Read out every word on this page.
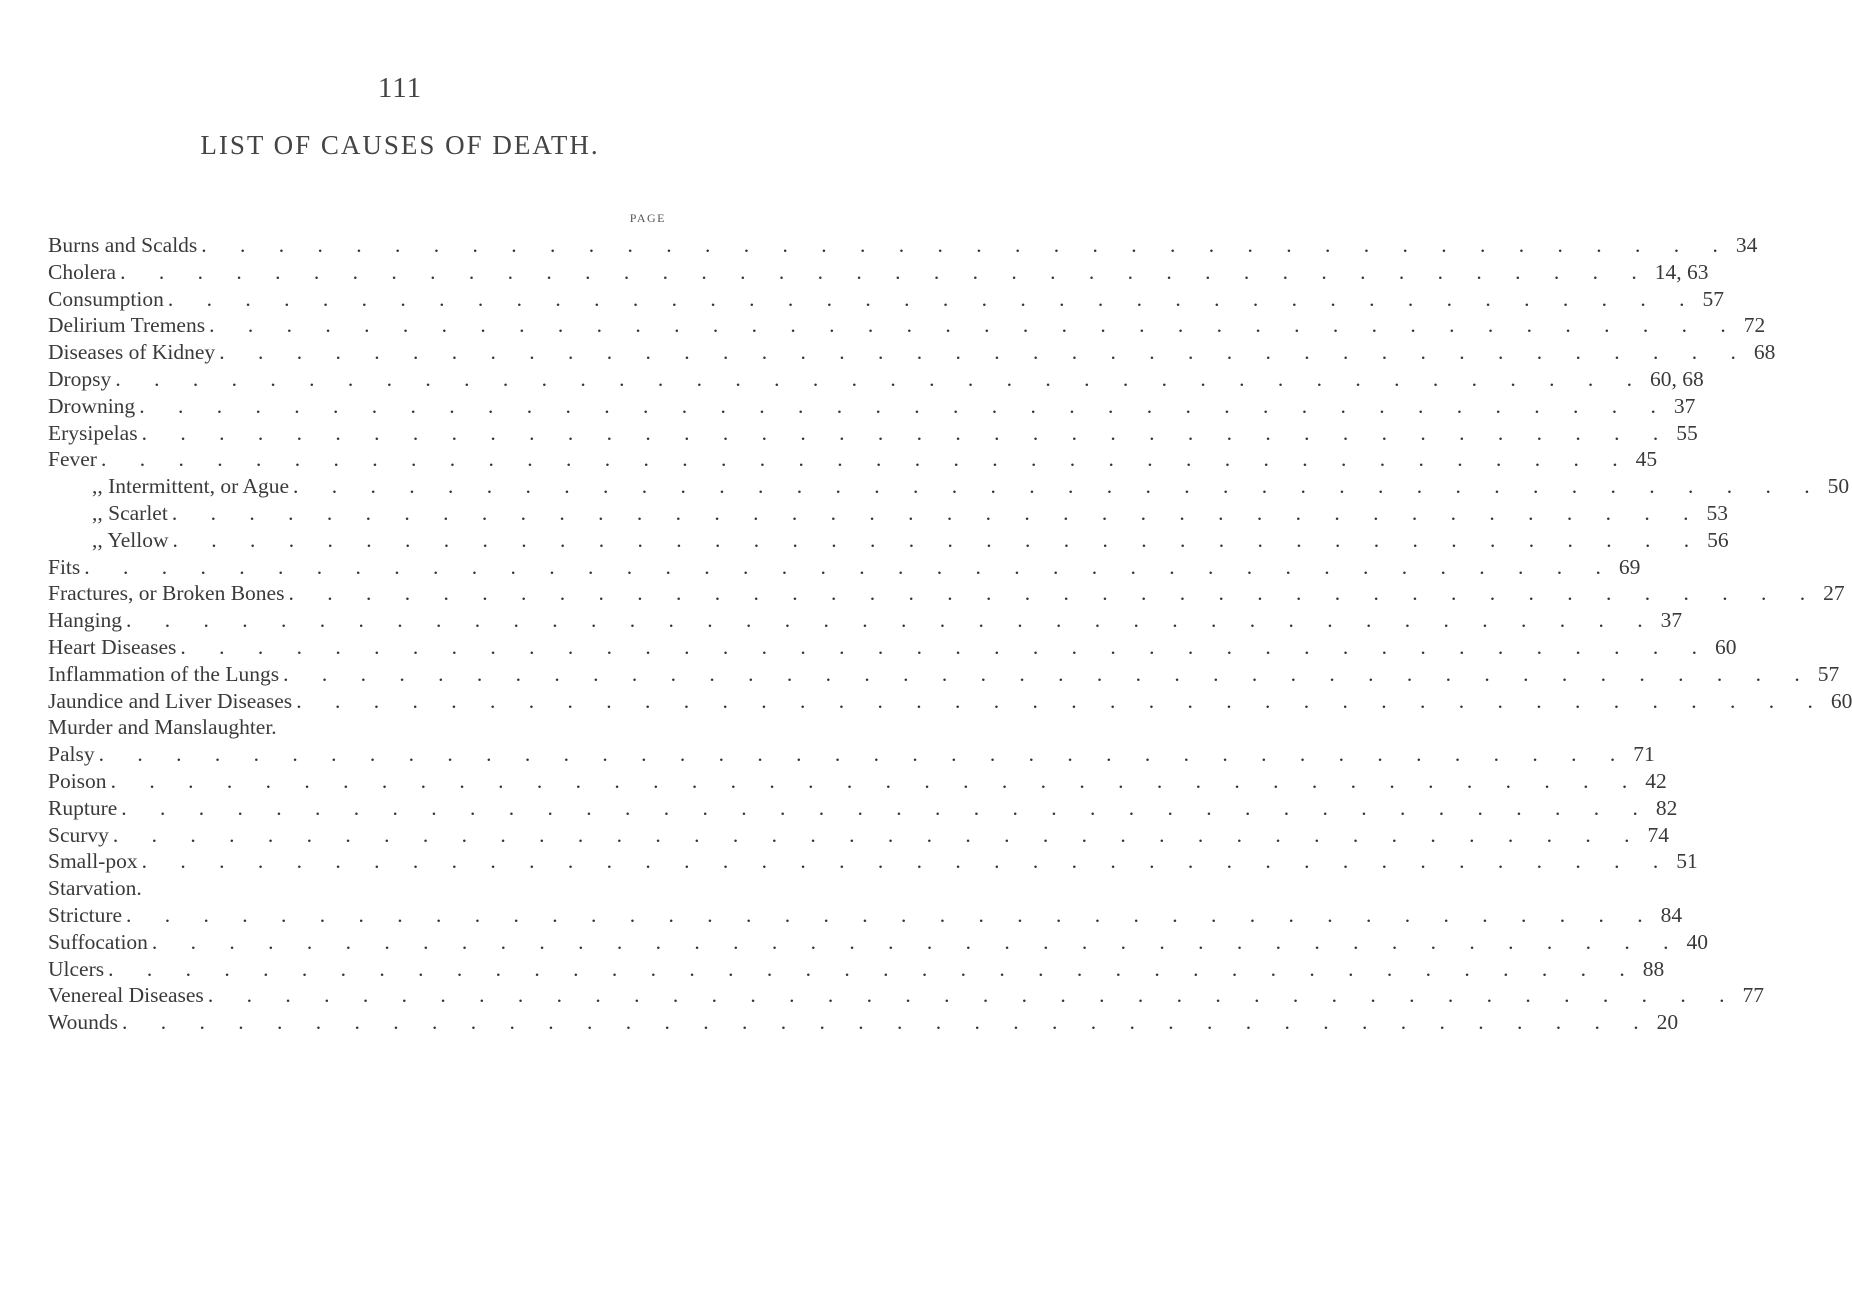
111
LIST OF CAUSES OF DEATH.
PAGE
Burns and Scalds . . . . . . . . . . . . . . . . . . . . . . . . . . . . . . . . . . . . . . . . 34
Cholera . . . . . . . . . . . . . . . . . . . . . . . . . . . . . . . . . . . . . . . . 14, 63
Consumption . . . . . . . . . . . . . . . . . . . . . . . . . . . . . . . . . . . . . . . . 57
Delirium Tremens . . . . . . . . . . . . . . . . . . . . . . . . . . . . . . . . . . . . . . . . 72
Diseases of Kidney . . . . . . . . . . . . . . . . . . . . . . . . . . . . . . . . . . . . . . . . 68
Dropsy . . . . . . . . . . . . . . . . . . . . . . . . . . . . . . . . . . . . . . . . 60, 68
Drowning . . . . . . . . . . . . . . . . . . . . . . . . . . . . . . . . . . . . . . . . 37
Erysipelas . . . . . . . . . . . . . . . . . . . . . . . . . . . . . . . . . . . . . . . . 55
Fever . . . . . . . . . . . . . . . . . . . . . . . . . . . . . . . . . . . . . . . . 45
,, Intermittent, or Ague . . . . . . . . . . . . . . . . . . . . . . . . . . . . . . . . . . . . . . . . 50
,, Scarlet . . . . . . . . . . . . . . . . . . . . . . . . . . . . . . . . . . . . . . . . 53
,, Yellow . . . . . . . . . . . . . . . . . . . . . . . . . . . . . . . . . . . . . . . . 56
Fits . . . . . . . . . . . . . . . . . . . . . . . . . . . . . . . . . . . . . . . . 69
Fractures, or Broken Bones . . . . . . . . . . . . . . . . . . . . . . . . . . . . . . . . . . . . . . . . 27
Hanging . . . . . . . . . . . . . . . . . . . . . . . . . . . . . . . . . . . . . . . . 37
Heart Diseases . . . . . . . . . . . . . . . . . . . . . . . . . . . . . . . . . . . . . . . . 60
Inflammation of the Lungs . . . . . . . . . . . . . . . . . . . . . . . . . . . . . . . . . . . . . . . . 57
Jaundice and Liver Diseases . . . . . . . . . . . . . . . . . . . . . . . . . . . . . . . . . . . . . . . . 60
Murder and Manslaughter.
Palsy . . . . . . . . . . . . . . . . . . . . . . . . . . . . . . . . . . . . . . . . 71
Poison . . . . . . . . . . . . . . . . . . . . . . . . . . . . . . . . . . . . . . . . 42
Rupture . . . . . . . . . . . . . . . . . . . . . . . . . . . . . . . . . . . . . . . . 82
Scurvy . . . . . . . . . . . . . . . . . . . . . . . . . . . . . . . . . . . . . . . . 74
Small-pox . . . . . . . . . . . . . . . . . . . . . . . . . . . . . . . . . . . . . . . . 51
Starvation.
Stricture . . . . . . . . . . . . . . . . . . . . . . . . . . . . . . . . . . . . . . . . 84
Suffocation . . . . . . . . . . . . . . . . . . . . . . . . . . . . . . . . . . . . . . . . 40
Ulcers . . . . . . . . . . . . . . . . . . . . . . . . . . . . . . . . . . . . . . . . 88
Venereal Diseases . . . . . . . . . . . . . . . . . . . . . . . . . . . . . . . . . . . . . . . . 77
Wounds . . . . . . . . . . . . . . . . . . . . . . . . . . . . . . . . . . . . . . . . 20
